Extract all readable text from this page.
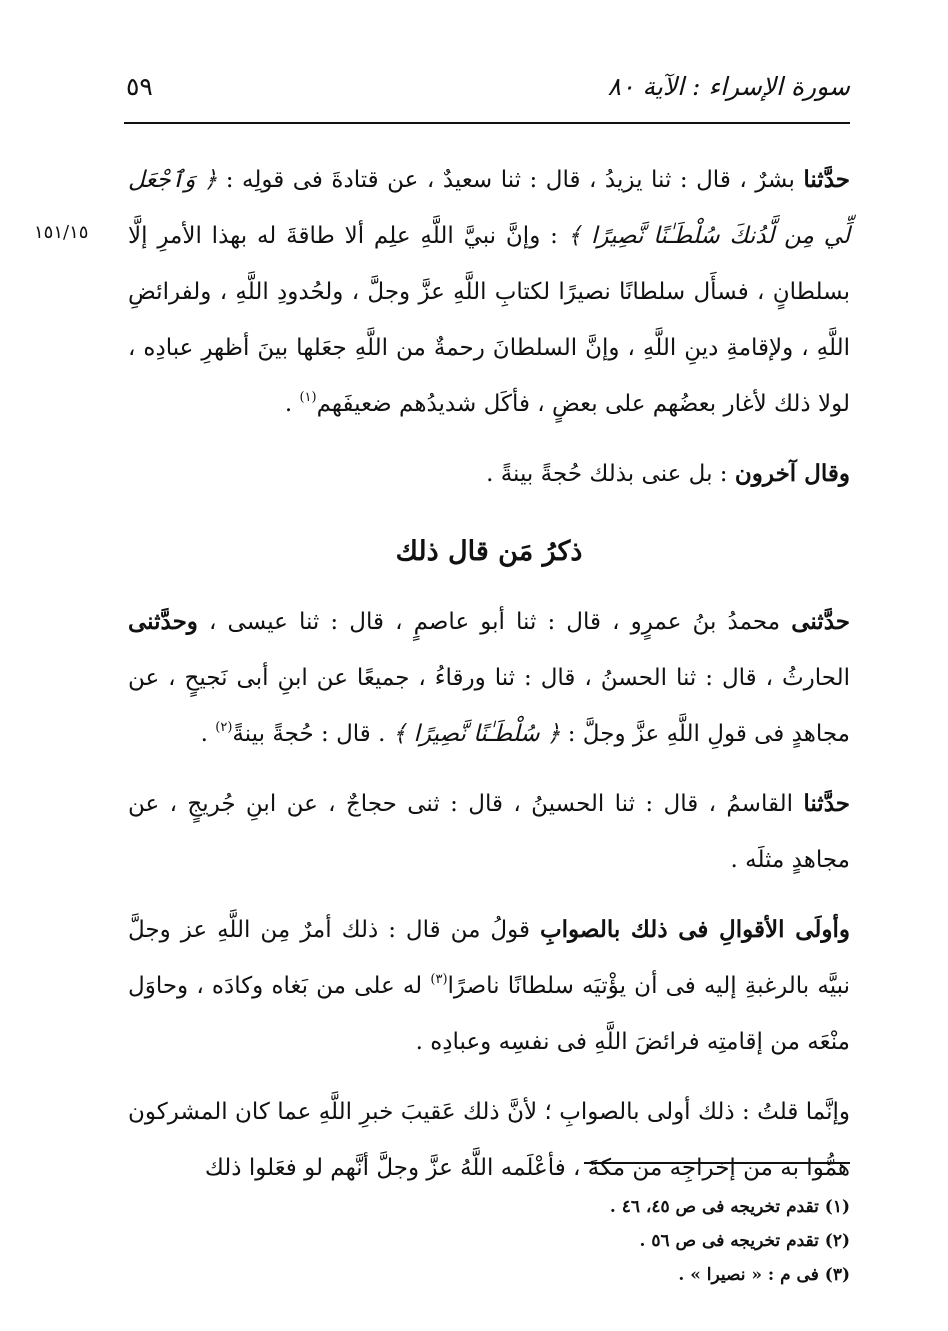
سورة الإسراء : الآية ٨٠
٥٩
١٥١/١٥

حدَّثنا بشرٌ ، قال : ثنا يزيدُ ، قال : ثنا سعيدٌ ، عن قتادةَ فى قولِه : ﴿ وَٱجْعَل لِّي مِن لَّدُنكَ سُلْطَـٰنًا نَّصِيرًا ﴾ : وإنَّ نبيَّ اللَّهِ علِم ألا طاقةَ له بهذا الأمرِ إلَّا بسلطانٍ ، فسأَل سلطانًا نصيرًا لكتابِ اللَّهِ عزَّ وجلَّ ، ولحُدودِ اللَّهِ ، ولفرائضِ اللَّهِ ، ولإقامةِ دينِ اللَّهِ ، وإنَّ السلطانَ رحمةٌ من اللَّهِ جعَلها بينَ أظهرِ عبادِه ، لولا ذلك لأغار بعضُهم على بعضٍ ، فأكَل شديدُهم ضعيفَهم$^{(١)}$ .

وقال آخرون : بل عنى بذلك حُجةً بينةً .

ذكرُ مَن قال ذلك

حدَّثنى محمدُ بنُ عمرٍو ، قال : ثنا أبو عاصمٍ ، قال : ثنا عيسى ، وحدَّثنى الحارثُ ، قال : ثنا الحسنُ ، قال : ثنا ورقاءُ ، جميعًا عن ابنِ أبى نَجيحٍ ، عن مجاهدٍ فى قولِ اللَّهِ عزَّ وجلَّ : ﴿ سُلْطَـٰنًا نَّصِيرًا ﴾ . قال : حُجةً بينةً$^{(٢)}$ .

حدَّثنا القاسمُ ، قال : ثنا الحسينُ ، قال : ثنى حجاجٌ ، عن ابنِ جُريجٍ ، عن مجاهدٍ مثلَه .

وأولَى الأقوالِ فى ذلك بالصوابِ قولُ من قال : ذلك أمرٌ مِن اللَّهِ عز وجلَّ نبيَّه بالرغبةِ إليه فى أن يؤْتيَه سلطانًا ناصرًا$^{(٣)}$ له على من بَغاه وكادَه ، وحاوَل منْعَه من إقامتِه فرائضَ اللَّهِ فى نفسِه وعبادِه .

وإنَّما قلتُ : ذلك أولى بالصوابِ ؛ لأنَّ ذلك عَقيبَ خبرِ اللَّهِ عما كان المشركون همُّوا به من إخراجِه من مكةَ ، فأعْلَمه اللَّهُ عزَّ وجلَّ أنَّهم لو فعَلوا ذلك

(١) تقدم تخريجه فى ص ٤٥، ٤٦ .
(٢) تقدم تخريجه فى ص ٥٦ .
(٣) فى م : « نصيرا » .
